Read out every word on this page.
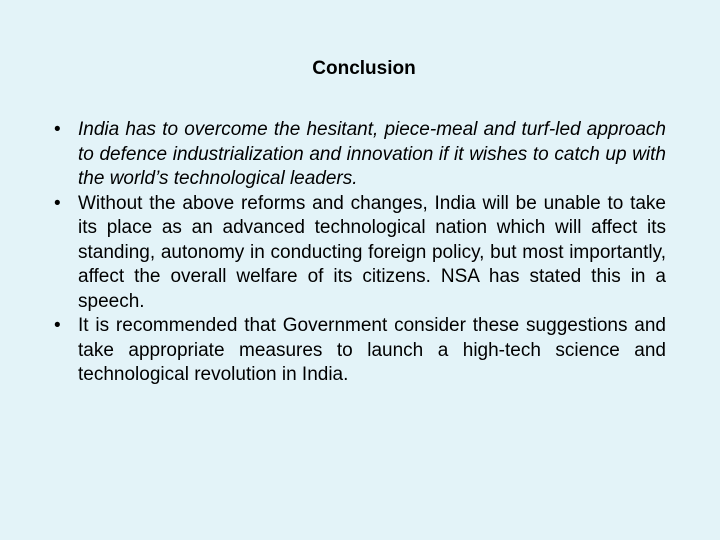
Conclusion
• India has to overcome the hesitant, piece-meal and turf-led approach to defence industrialization and innovation if it wishes to catch up with the world’s technological leaders.
• Without the above reforms and changes, India will be unable to take its place as an advanced technological nation which will affect its standing, autonomy in conducting foreign policy, but most importantly, affect the overall welfare of its citizens. NSA has stated this in a speech.
• It is recommended that Government consider these suggestions and take appropriate measures to launch a high-tech science and technological revolution in India.
